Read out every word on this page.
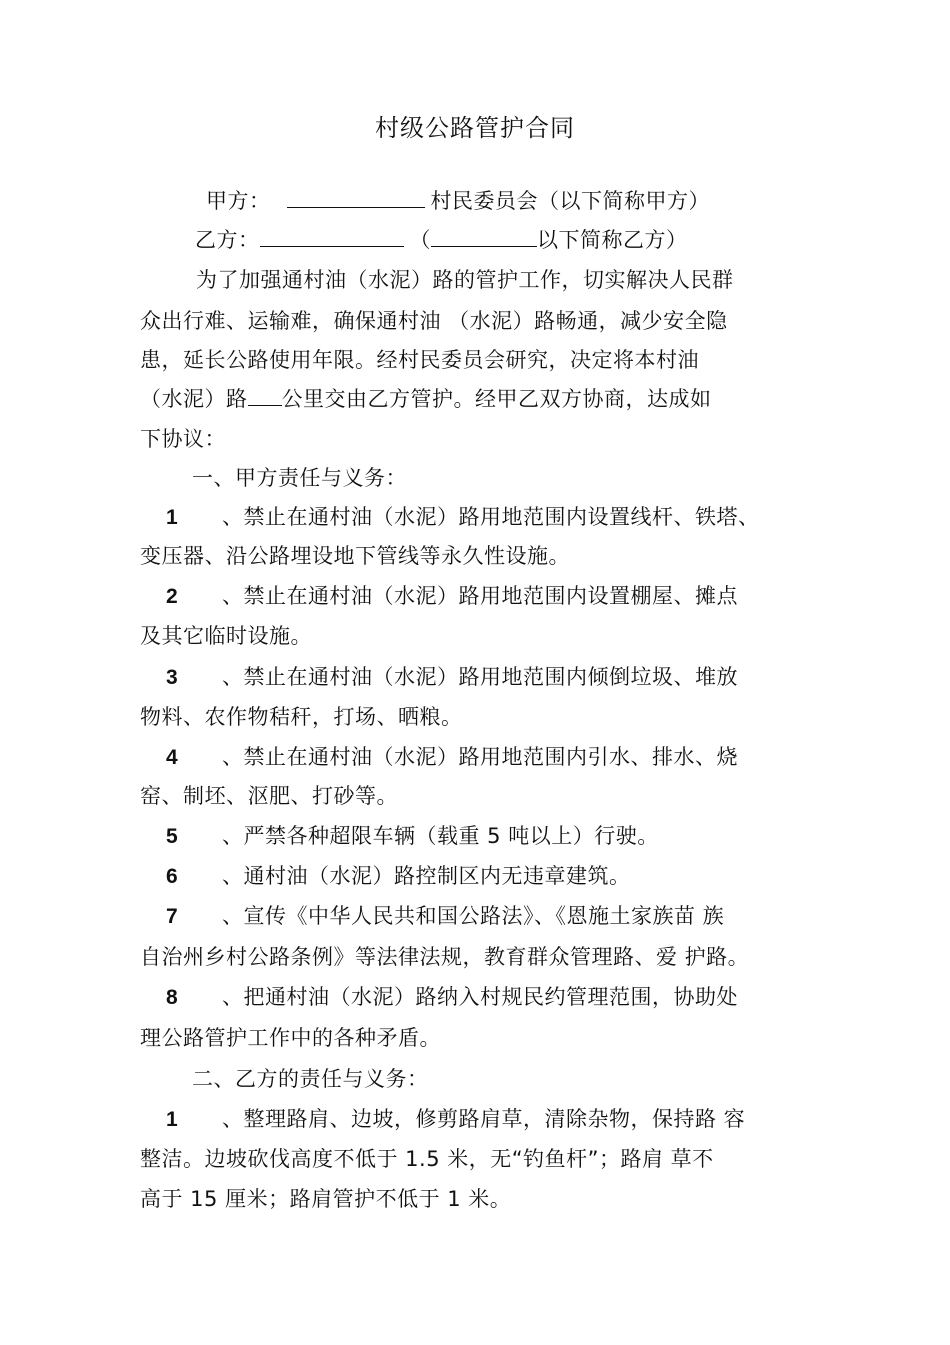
村级公路管护合同
甲方：	村民委员会（以下简称甲方）
乙方：	（	以下简称乙方）
为了加强通村油（水泥）路的管护工作，切实解决人民群
众出行难、运输难，确保通村油 （水泥）路畅通，减少安全隐
患，延长公路使用年限。经村民委员会研究，决定将本村油
（水泥）路 公里交由乙方管护。经甲乙双方协商，达成如
下协议：
一、甲方责任与义务：
1 、禁止在通村油（水泥）路用地范围内设置线杆、铁塔、
变压器、沿公路埋设地下管线等永久性设施。
2 、禁止在通村油（水泥）路用地范围内设置棚屋、摊点
及其它临时设施。
3 、禁止在通村油（水泥）路用地范围内倾倒垃圾、堆放
物料、农作物秸秆，打场、晒粮。
4 、禁止在通村油（水泥）路用地范围内引水、排水、烧
窑、制坯、沤肥、打砂等。
5 、严禁各种超限车辆（载重 5 吨以上）行驶。
6 、通村油（水泥）路控制区内无违章建筑。
7 、宣传《中华人民共和国公路法》、《恩施土家族苗 族
自治州乡村公路条例》等法律法规，教育群众管理路、爱 护路。
8 、把通村油（水泥）路纳入村规民约管理范围，协助处
理公路管护工作中的各种矛盾。
二、乙方的责任与义务：
1 、整理路肩、边坡，修剪路肩草，清除杂物，保持路 容
整洁。边坡砍伐高度不低于 1.5 米，无“钓鱼杆”；路肩 草不
高于 15 厘米；路肩管护不低于 1 米。
